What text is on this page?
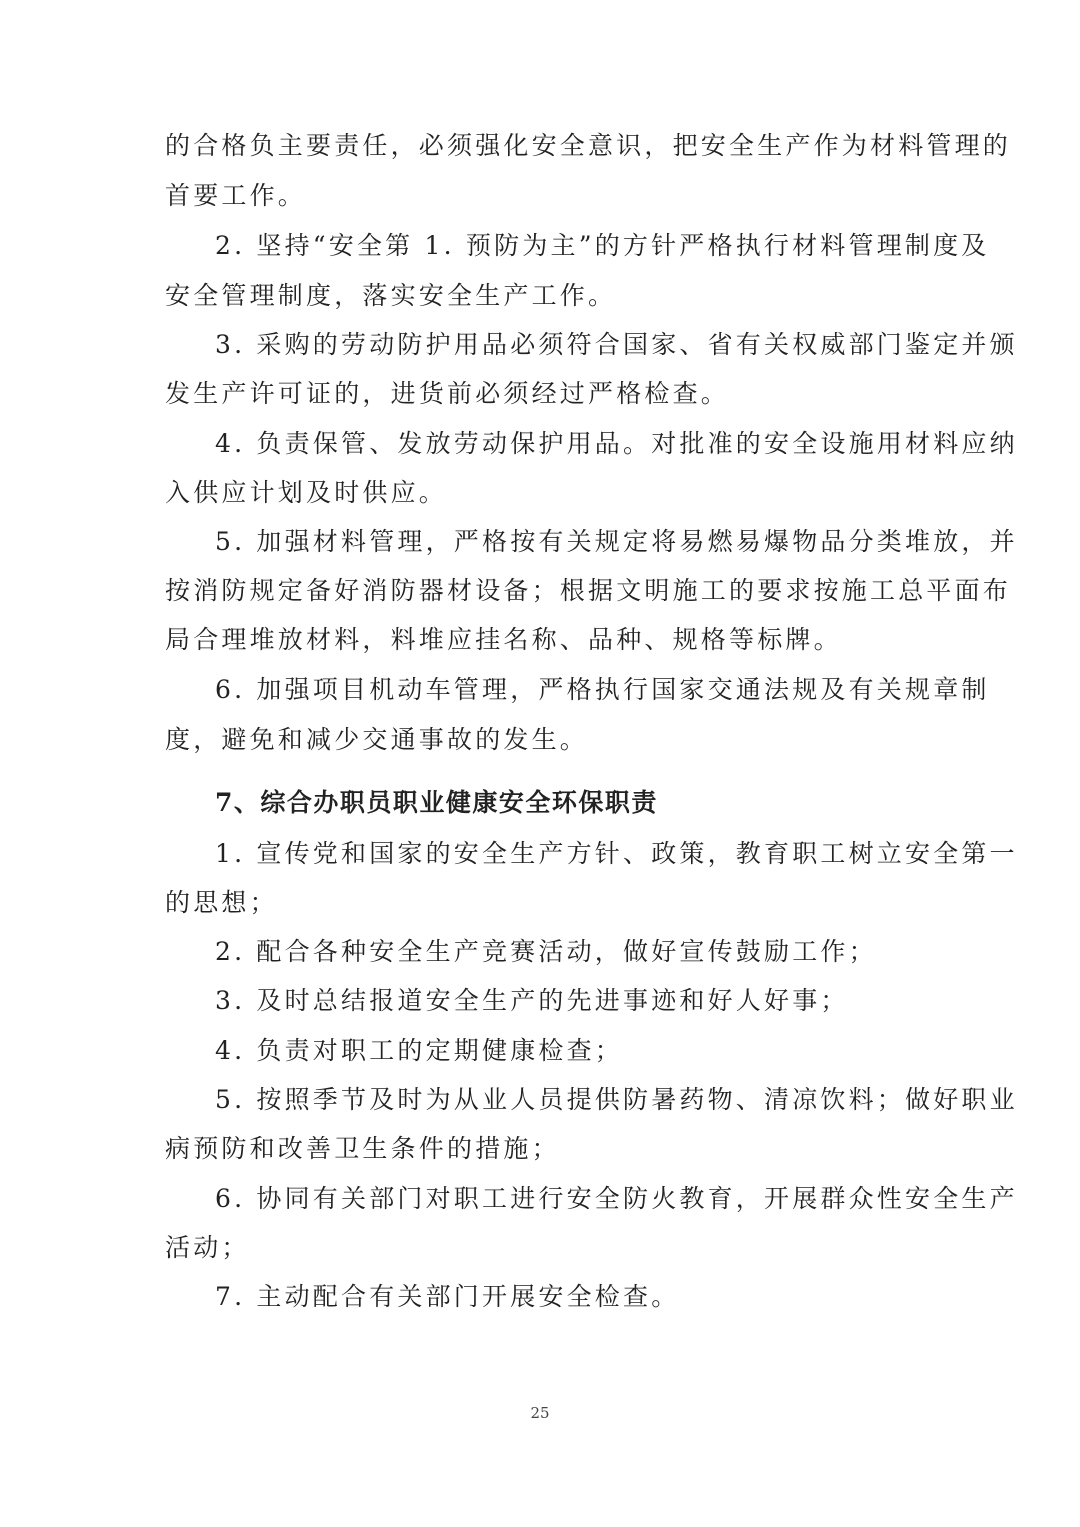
的合格负主要责任，必须强化安全意识，把安全生产作为材料管理的
首要工作。
2. 坚持“安全第 1. 预防为主”的方针严格执行材料管理制度及
安全管理制度，落实安全生产工作。
3. 采购的劳动防护用品必须符合国家、省有关权威部门鉴定并颁
发生产许可证的，进货前必须经过严格检查。
4. 负责保管、发放劳动保护用品。对批准的安全设施用材料应纳
入供应计划及时供应。
5. 加强材料管理，严格按有关规定将易燃易爆物品分类堆放，并
按消防规定备好消防器材设备；根据文明施工的要求按施工总平面布
局合理堆放材料，料堆应挂名称、品种、规格等标牌。
6. 加强项目机动车管理，严格执行国家交通法规及有关规章制
度，避免和减少交通事故的发生。
7、综合办职员职业健康安全环保职责
1. 宣传党和国家的安全生产方针、政策，教育职工树立安全第一
的思想；
2. 配合各种安全生产竞赛活动，做好宣传鼓励工作；
3. 及时总结报道安全生产的先进事迹和好人好事；
4. 负责对职工的定期健康检查；
5. 按照季节及时为从业人员提供防暑药物、清凉饮料；做好职业
病预防和改善卫生条件的措施；
6. 协同有关部门对职工进行安全防火教育，开展群众性安全生产
活动；
7. 主动配合有关部门开展安全检查。
25
